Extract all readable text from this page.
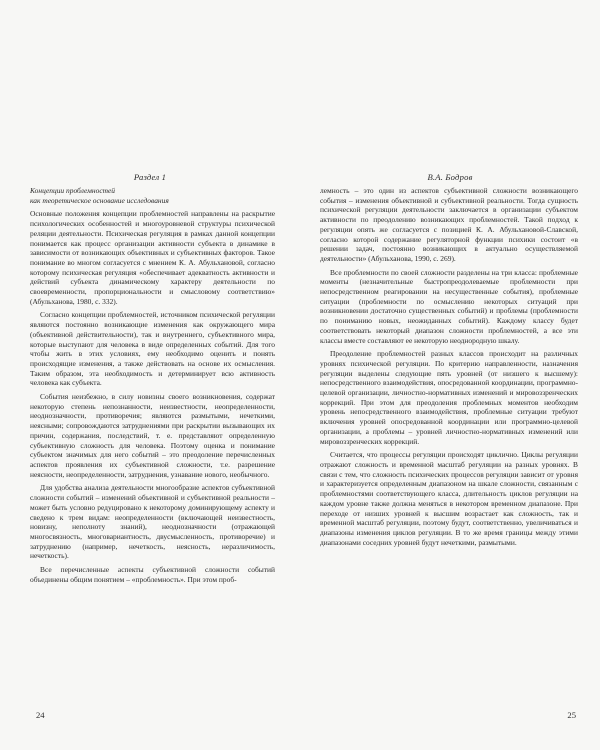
Раздел 1
Концепции проблемностей
как теоретическое основание исследования

Основные положения концепции проблемностей направлены на раскрытие психологических особенностей и многоуровневой структуры психической реляции деятельности. Психическая регуляция в рамках данной концепции понимается как процесс организации активности субъекта в динамике в зависимости от возникающих объективных и субъективных факторов. Такое понимание во многом согласуется с мнением К. А. Абульхановой, согласно которому психическая регуляция «обеспечивает адекватность активности и действий субъекта динамическому характеру деятельности по своевременности, пропорциональности и смысловому соответствию» (Абульханова, 1980, с. 332).

Согласно концепции проблемностей, источником психической регуляции являются постоянно возникающие изменения как окружающего мира (объективной действительности), так и внутреннего, субъективного мира, которые выступают для человека в виде определенных событий. Для того чтобы жить в этих условиях, ему необходимо оценить и понять происходящие изменения, а также действовать на основе их осмысления. Таким образом, эта необходимость и детерминирует всю активность человека как субъекта.

События неизбежно, в силу новизны своего возникновения, содержат некоторую степень непознанности, неизвестности, неопределенности, неоднозначности, противоречия; являются размытыми, нечеткими, неясными; сопровождаются затруднениями при раскрытии вызывающих их причин, содержания, последствий, т. е. представляют определенную субъективную сложность для человека. Поэтому оценка и понимание субъектом значимых для него событий – это преодоление перечисленных аспектов проявления их субъективной сложности, т.е. разрешение неясности, неопределенности, затруднения, узнавание нового, необычного.

Для удобства анализа деятельности многообразие аспектов субъективной сложности событий – изменений объективной и субъективной реальности – может быть условно редуцировано к некоторому доминирующему аспекту и сведено к трем видам: неопределенности (включающей неизвестность, новизну, неполноту знаний), неоднозначности (отражающей многосвязность, многовариантность, двусмысленность, противоречие) и затруднению (например, нечеткость, неясность, неразличимость, нечеткость).

Все перечисленные аспекты субъективной сложности событий объединены общим понятием – «проблемность». При этом проб-

24
В.А. Бодров

лемность – это один из аспектов субъективной сложности возникающего события – изменения объективной и субъективной реальности. Тогда сущность психической регуляции деятельности заключается в организации субъектом активности по преодолению возникающих проблемностей. Такой подход к регуляции опять же согласуется с позицией К. А. Абульхановой-Славской, согласно которой содержание регуляторной функции психики состоит «в решении задач, постоянно возникающих в актуально осуществляемой деятельности» (Абульханова, 1990, с. 269).

Все проблемности по своей сложности разделены на три класса: проблемные моменты (незначительные быстропреодолеваемые проблемности при непосредственном реагировании на несущественные события), проблемные ситуации (проблемности по осмыслению некоторых ситуаций при возникновении достаточно существенных событий) и проблемы (проблемности по пониманию новых, неожиданных событий). Каждому классу будет соответствовать некоторый диапазон сложности проблемностей, а все эти классы вместе составляют ее некоторую неоднородную шкалу.

Преодоление проблемностей разных классов происходит на различных уровнях психической регуляции. По критерию направленности, назначения регуляции выделены следующие пять уровней (от низшего к высшему): непосредственного взаимодействия, опосредованной координации, программно-целевой организации, личностно-нормативных изменений и мировоззренческих коррекций. При этом для преодоления проблемных моментов необходим уровень непосредственного взаимодействия, проблемные ситуации требуют включения уровней опосредованной координации или программно-целевой организации, а проблемы – уровней личностно-нормативных изменений или мировоззренческих коррекций.

Считается, что процессы регуляции происходят циклично. Циклы регуляции отражают сложность и временной масштаб регуляции на разных уровнях. В связи с тем, что сложность психических процессов регуляции зависит от уровня и характеризуется определенным диапазоном на шкале сложности, связанным с проблемностями соответствующего класса, длительность циклов регуляции на каждом уровне также должна меняться в некотором временном диапазоне. При переходе от низших уровней к высшим возрастает как сложность, так и временной масштаб регуляции, поэтому будут, соответственно, увеличиваться и диапазоны изменения циклов регуляции. В то же время границы между этими диапазонами соседних уровней будут нечеткими, размытыми.

25
